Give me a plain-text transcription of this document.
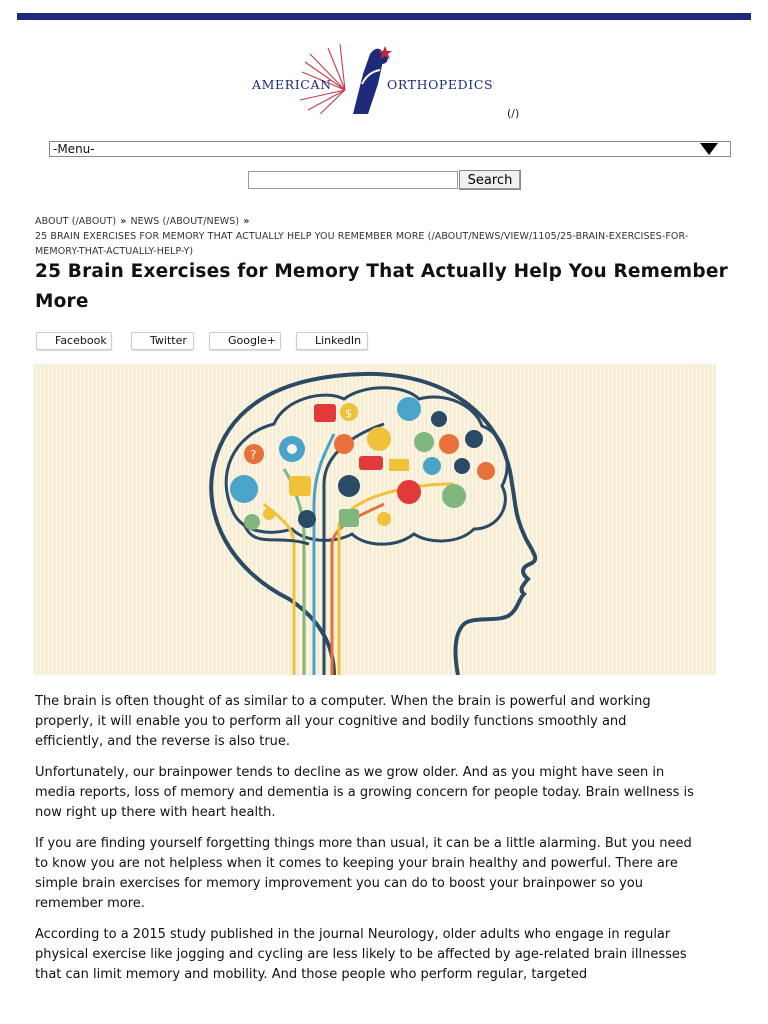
AMERICAN	ORTHOPEDICS
(/)
-Menu-
Search
ABOUT (/ABOUT) » NEWS (/ABOUT/NEWS) »
25 BRAIN EXERCISES FOR MEMORY THAT ACTUALLY HELP YOU REMEMBER MORE (/ABOUT/NEWS/VIEW/1105/25-BRAIN-EXERCISES-FOR-MEMORY-THAT-ACTUALLY-HELP-Y)
25 Brain Exercises for Memory That Actually Help You Remember More
Facebook	Twitter	Google+	LinkedIn
?
$

The brain is often thought of as similar to a computer. When the brain is powerful and working properly, it will enable you to perform all your cognitive and bodily functions smoothly and efficiently, and the reverse is also true.

Unfortunately, our brainpower tends to decline as we grow older. And as you might have seen in media reports, loss of memory and dementia is a growing concern for people today. Brain wellness is now right up there with heart health.

If you are finding yourself forgetting things more than usual, it can be a little alarming. But you need to know you are not helpless when it comes to keeping your brain healthy and powerful. There are simple brain exercises for memory improvement you can do to boost your brainpower so you remember more.

According to a 2015 study published in the journal Neurology, older adults who engage in regular physical exercise like jogging and cycling are less likely to be affected by age-related brain illnesses that can limit memory and mobility. And those people who perform regular, targeted
